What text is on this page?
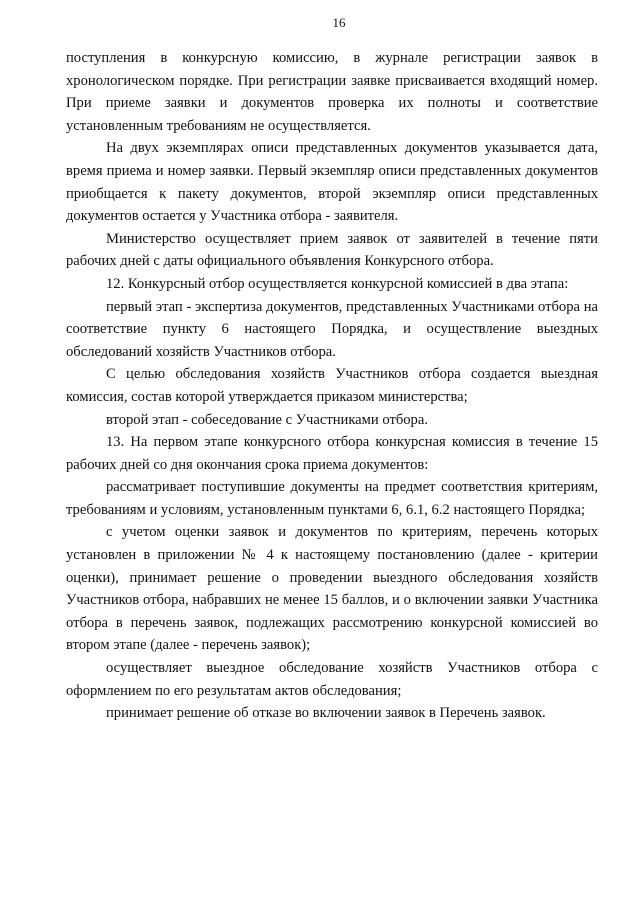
16

поступления в конкурсную комиссию, в журнале регистрации заявок в хронологическом порядке. При регистрации заявке присваивается входящий номер. При приеме заявки и документов проверка их полноты и соответствие установленным требованиям не осуществляется.

На двух экземплярах описи представленных документов указывается дата, время приема и номер заявки. Первый экземпляр описи представленных документов приобщается к пакету документов, второй экземпляр описи представленных документов остается у Участника отбора - заявителя.

Министерство осуществляет прием заявок от заявителей в течение пяти рабочих дней с даты официального объявления Конкурсного отбора.

12. Конкурсный отбор осуществляется конкурсной комиссией в два этапа:

первый этап - экспертиза документов, представленных Участниками отбора на соответствие пункту 6 настоящего Порядка, и осуществление выездных обследований хозяйств Участников отбора.

С целью обследования хозяйств Участников отбора создается выездная комиссия, состав которой утверждается приказом министерства;

второй этап - собеседование с Участниками отбора.

13. На первом этапе конкурсного отбора конкурсная комиссия в течение 15 рабочих дней со дня окончания срока приема документов:

рассматривает поступившие документы на предмет соответствия критериям, требованиям и условиям, установленным пунктами 6, 6.1, 6.2 настоящего Порядка;

с учетом оценки заявок и документов по критериям, перечень которых установлен в приложении № 4 к настоящему постановлению (далее - критерии оценки), принимает решение о проведении выездного обследования хозяйств Участников отбора, набравших не менее 15 баллов, и о включении заявки Участника отбора в перечень заявок, подлежащих рассмотрению конкурсной комиссией во втором этапе (далее - перечень заявок);

осуществляет выездное обследование хозяйств Участников отбора с оформлением по его результатам актов обследования;

принимает решение об отказе во включении заявок в Перечень заявок.
